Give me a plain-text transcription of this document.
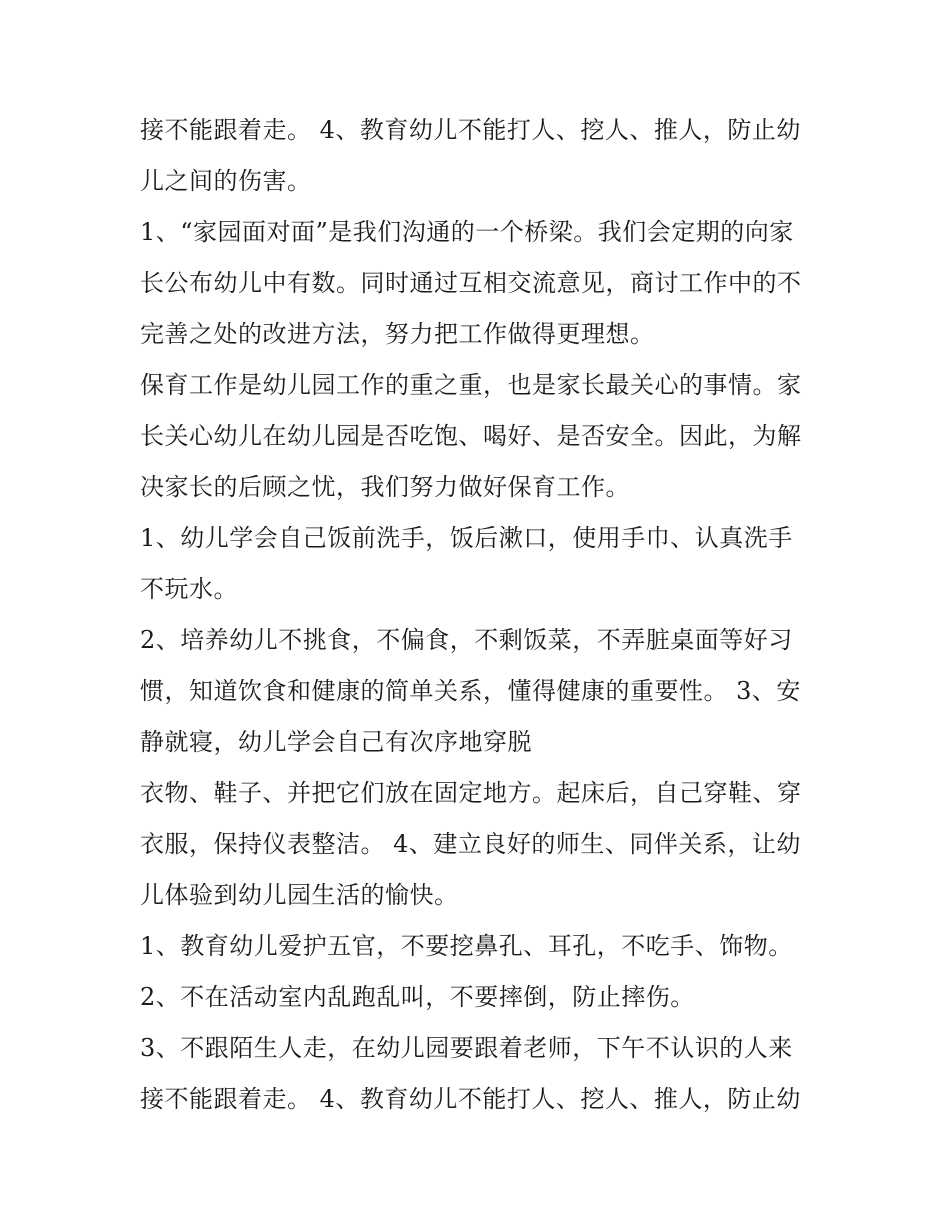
接不能跟着走。 4、教育幼儿不能打人、挖人、推人，防止幼
儿之间的伤害。
1、“家园面对面”是我们沟通的一个桥梁。我们会定期的向家
长公布幼儿中有数。同时通过互相交流意见，商讨工作中的不
完善之处的改进方法，努力把工作做得更理想。
保育工作是幼儿园工作的重之重，也是家长最关心的事情。家
长关心幼儿在幼儿园是否吃饱、喝好、是否安全。因此，为解
决家长的后顾之忧，我们努力做好保育工作。
1、幼儿学会自己饭前洗手，饭后漱口，使用手巾、认真洗手
不玩水。
2、培养幼儿不挑食，不偏食，不剩饭菜，不弄脏桌面等好习
惯，知道饮食和健康的简单关系，懂得健康的重要性。 3、安
静就寝，幼儿学会自己有次序地穿脱
衣物、鞋子、并把它们放在固定地方。起床后，自己穿鞋、穿
衣服，保持仪表整洁。 4、建立良好的师生、同伴关系，让幼
儿体验到幼儿园生活的愉快。
1、教育幼儿爱护五官，不要挖鼻孔、耳孔，不吃手、饰物。
2、不在活动室内乱跑乱叫，不要摔倒，防止摔伤。
3、不跟陌生人走，在幼儿园要跟着老师，下午不认识的人来
接不能跟着走。 4、教育幼儿不能打人、挖人、推人，防止幼
